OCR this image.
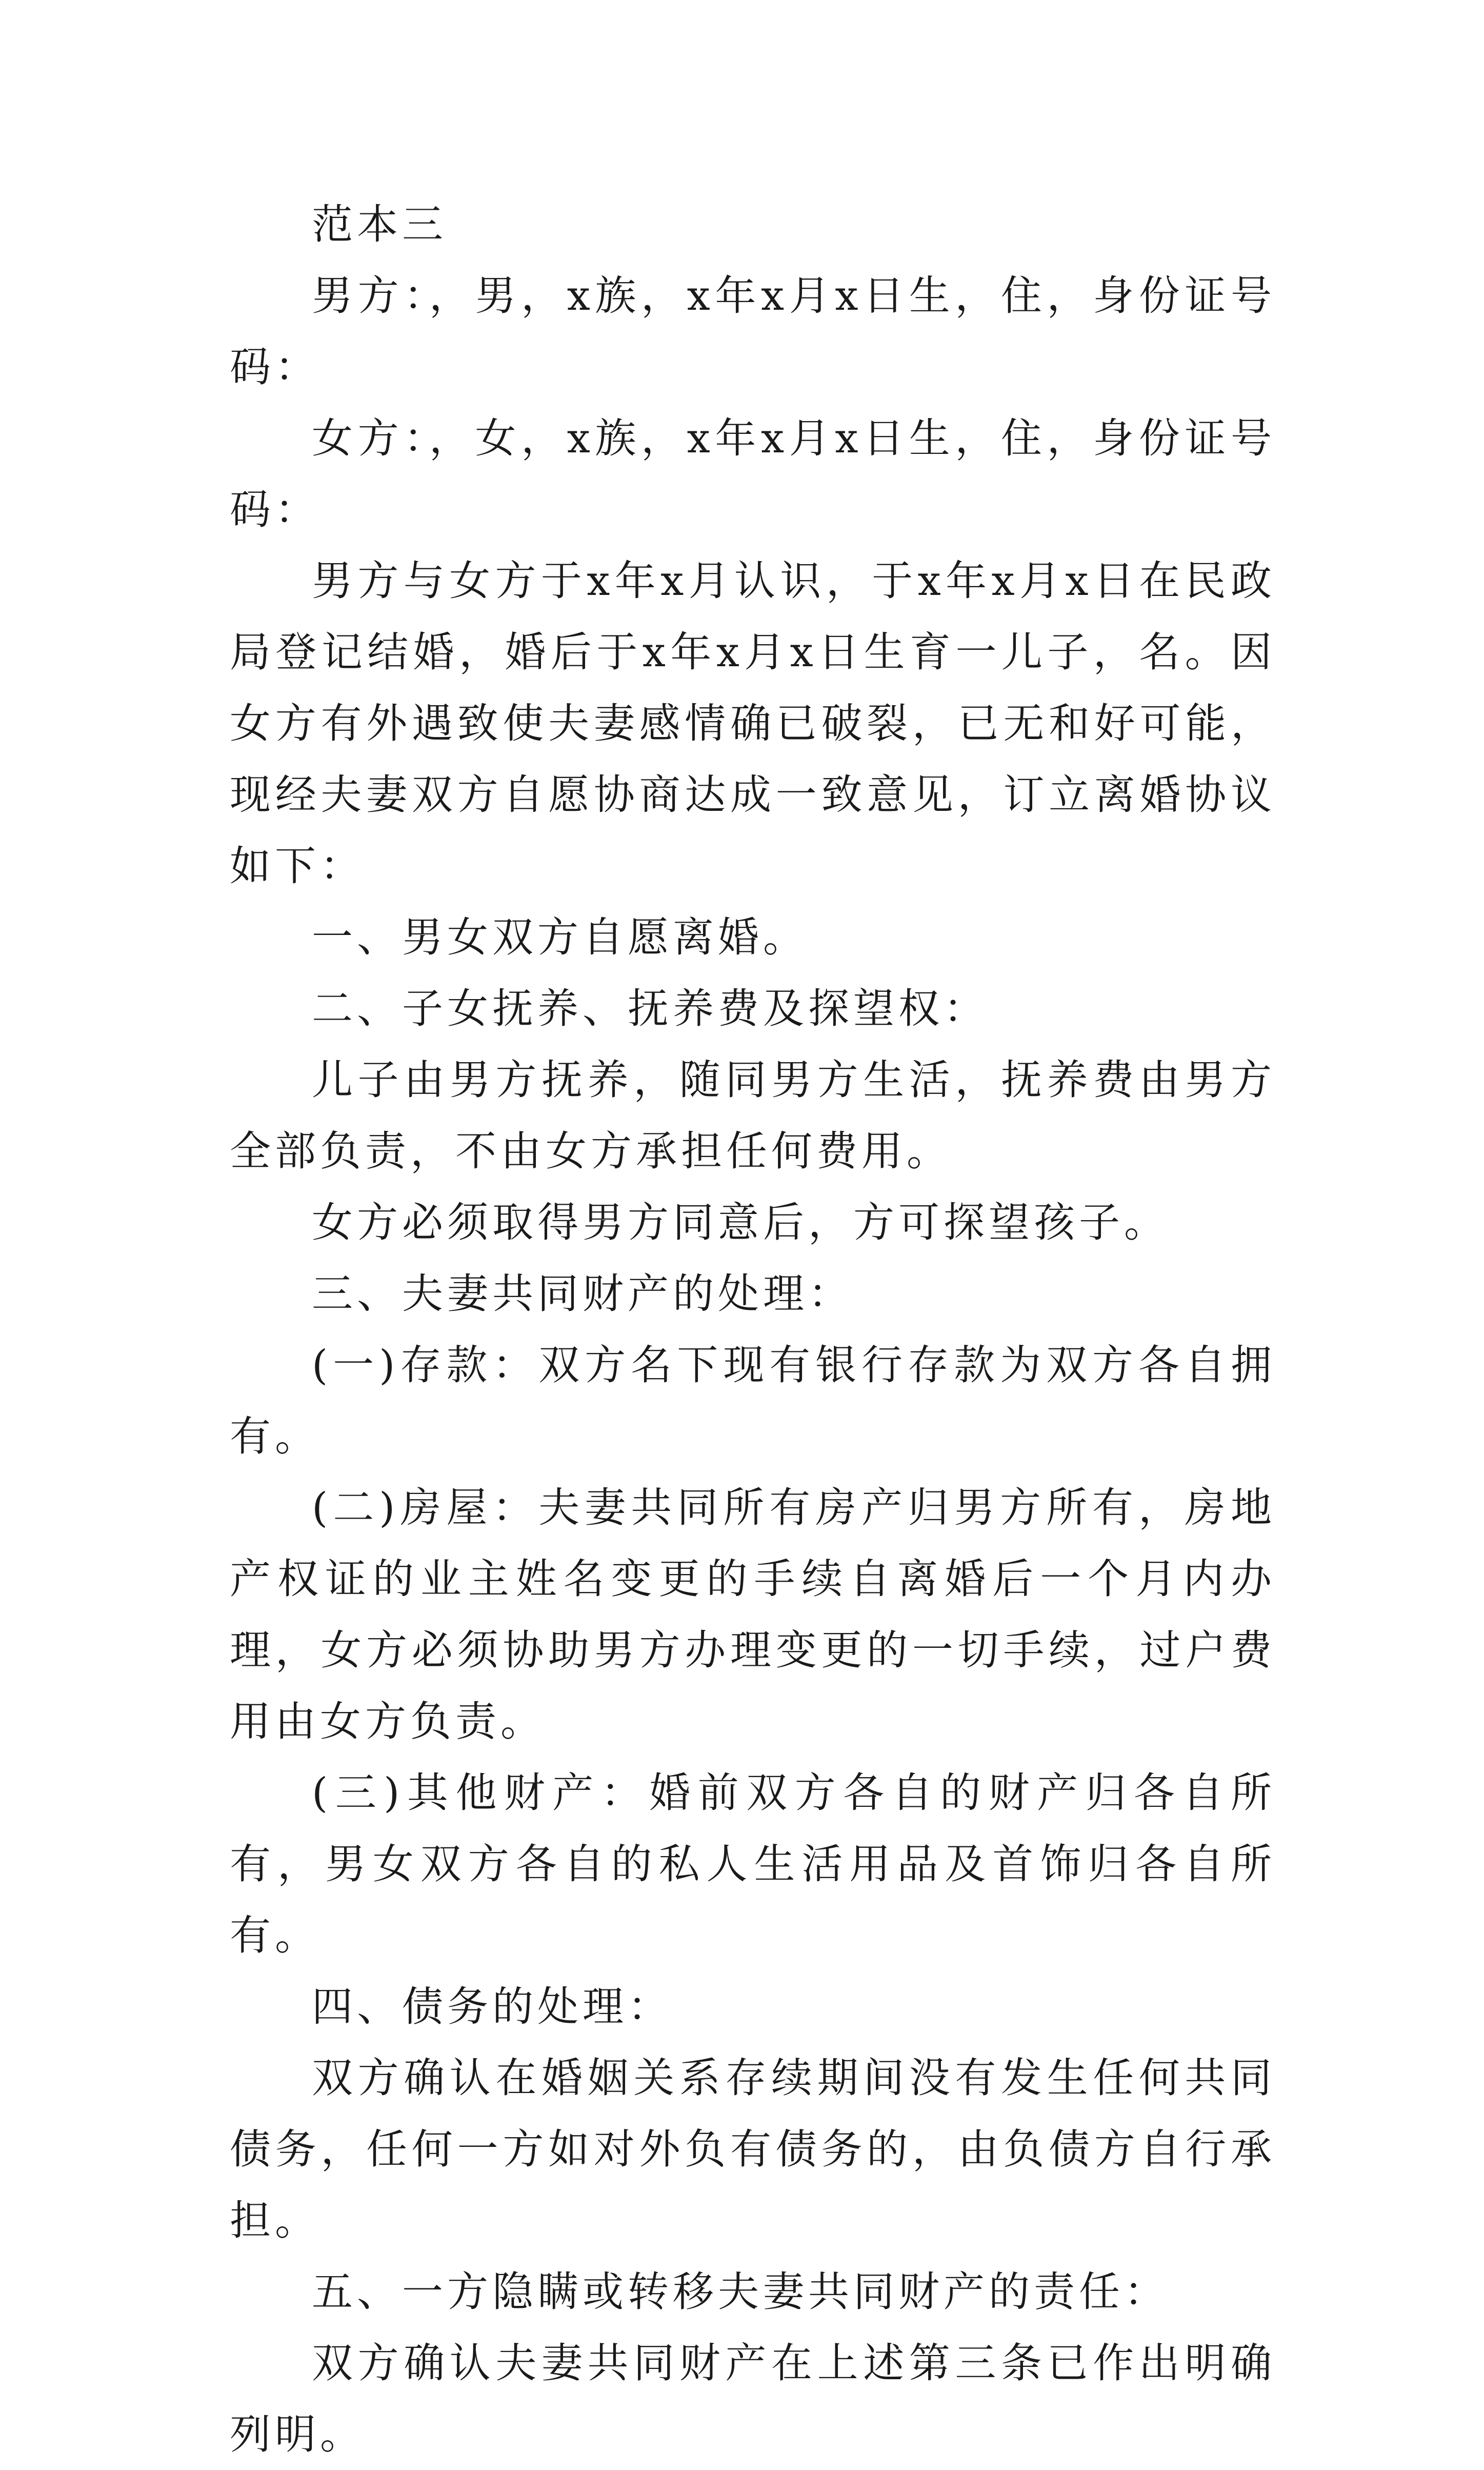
范本三

男方：，男，x族，x年x月x日生，住，身份证号码：

女方：，女，x族，x年x月x日生，住，身份证号码：

男方与女方于x年x月认识，于x年x月x日在民政局登记结婚，婚后于x年x月x日生育一儿子，名。因女方有外遇致使夫妻感情确已破裂，已无和好可能，现经夫妻双方自愿协商达成一致意见，订立离婚协议如下：

一、男女双方自愿离婚。

二、子女抚养、抚养费及探望权：

儿子由男方抚养，随同男方生活，抚养费由男方全部负责，不由女方承担任何费用。

女方必须取得男方同意后，方可探望孩子。

三、夫妻共同财产的处理：

(一)存款：双方名下现有银行存款为双方各自拥有。

(二)房屋：夫妻共同所有房产归男方所有，房地产权证的业主姓名变更的手续自离婚后一个月内办理，女方必须协助男方办理变更的一切手续，过户费用由女方负责。

(三)其他财产：婚前双方各自的财产归各自所有，男女双方各自的私人生活用品及首饰归各自所有。

四、债务的处理：

双方确认在婚姻关系存续期间没有发生任何共同债务，任何一方如对外负有债务的，由负债方自行承担。

五、一方隐瞒或转移夫妻共同财产的责任：

双方确认夫妻共同财产在上述第三条已作出明确列明。
